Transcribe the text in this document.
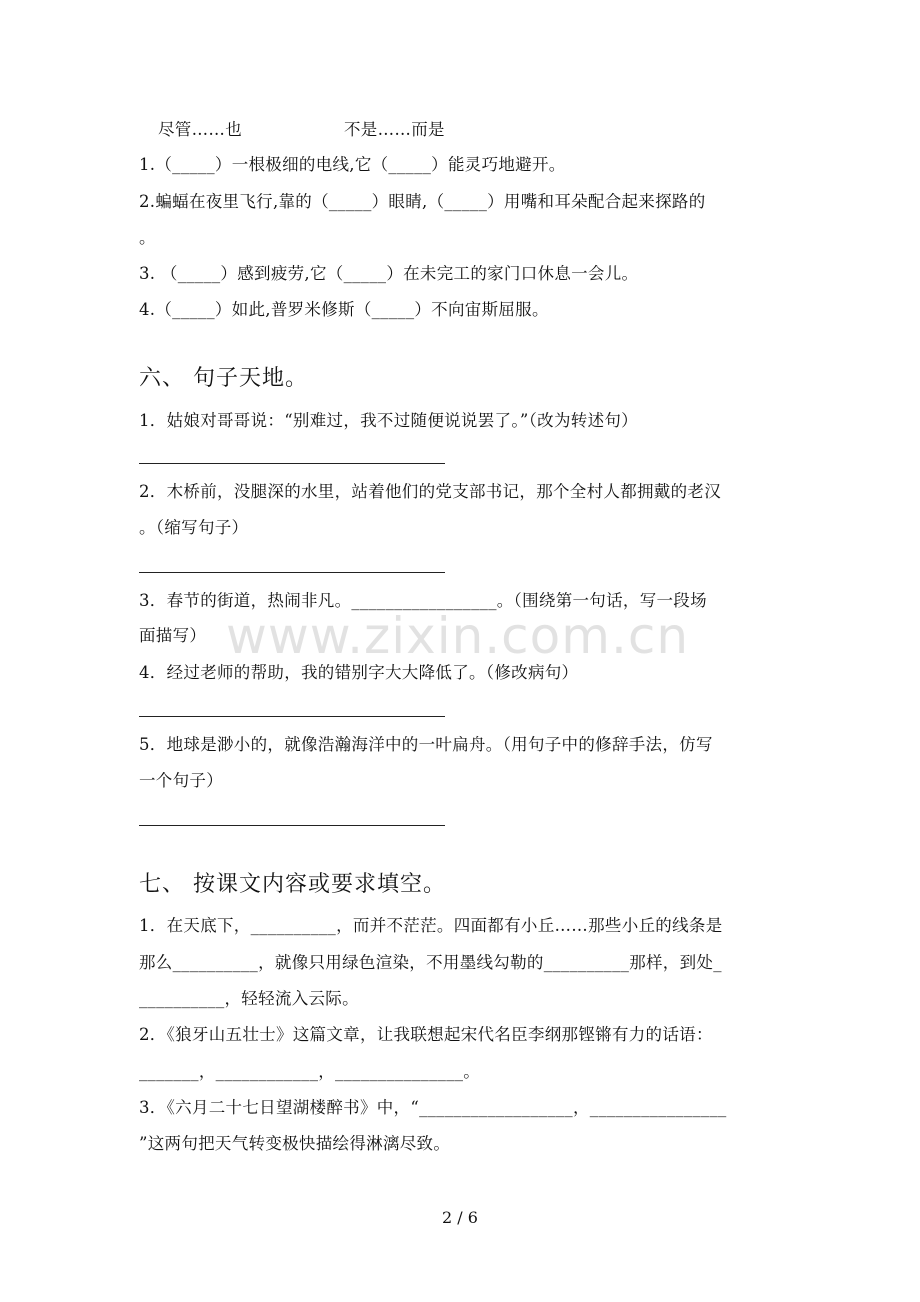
尽管……也	不是……而是
1.（_____）一根极细的电线,它（_____）能灵巧地避开。
2.蝙蝠在夜里飞行,靠的（_____）眼睛,（_____）用嘴和耳朵配合起来探路的
。
3. （_____）感到疲劳,它（_____）在未完工的家门口休息一会儿。
4.（_____）如此,普罗米修斯（_____）不向宙斯屈服。
六、 句子天地。
1．姑娘对哥哥说：“别难过，我不过随便说说罢了。”（改为转述句）
2．木桥前，没腿深的水里，站着他们的党支部书记，那个全村人都拥戴的老汉
。（缩写句子）
3．春节的街道，热闹非凡。_________________。（围绕第一句话，写一段场
面描写）
4．经过老师的帮助，我的错别字大大降低了。（修改病句）
5．地球是渺小的，就像浩瀚海洋中的一叶扁舟。（用句子中的修辞手法，仿写
一个句子）
七、 按课文内容或要求填空。
1．在天底下，__________，而并不茫茫。四面都有小丘……那些小丘的线条是
那么__________，就像只用绿色渲染，不用墨线勾勒的__________那样，到处_
__________，轻轻流入云际。
2．《狼牙山五壮士》这篇文章，让我联想起宋代名臣李纲那铿锵有力的话语：
_______，____________，_______________。
3．《六月二十七日望湖楼醉书》中，“__________________，________________
”这两句把天气转变极快描绘得淋漓尽致。
www.zixin.com.cn
2 / 6
